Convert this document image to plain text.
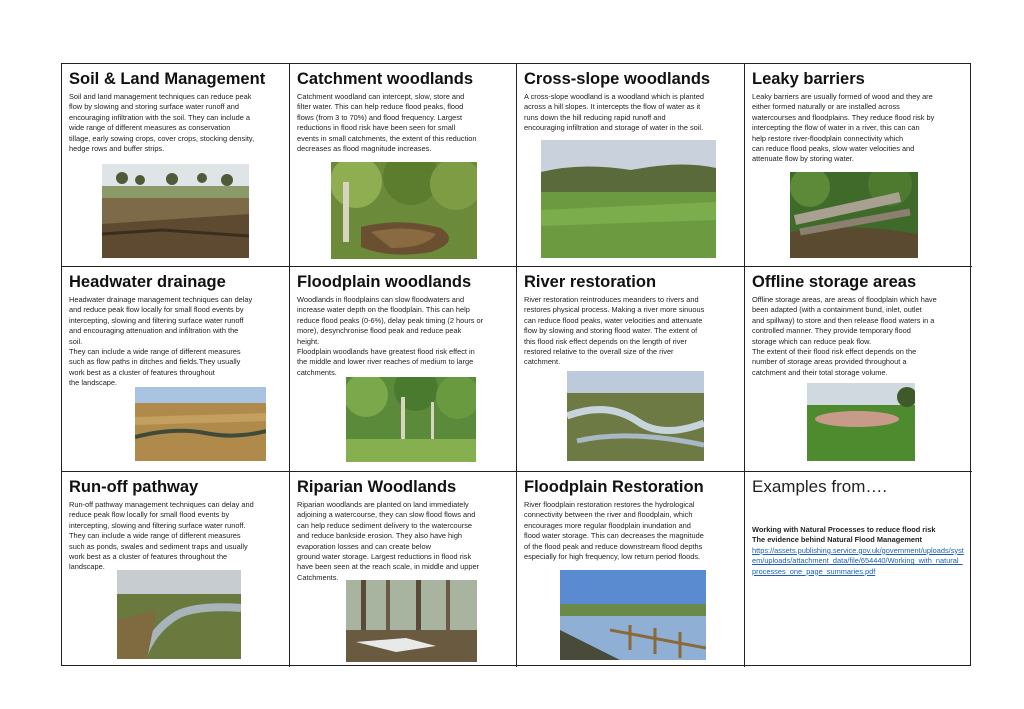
Soil & Land Management
Soil and land management techniques can reduce peak
flow by slowing and storing surface water runoff and
encouraging infiltration with the soil. They can include a
wide range of different measures as conservation
tillage, early sowing crops, cover crops, stocking density,
hedge rows and buffer strips.
Catchment woodlands
Catchment woodland can intercept, slow, store and
filter water. This can help reduce flood peaks, flood
flows (from 3 to 70%) and flood frequency. Largest
reductions in flood risk have been seen for small
events in small catchments, the extent of this reduction
decreases as flood magnitude increases.
Cross-slope woodlands
A cross-slope woodland is a woodland which is planted
across a hill slopes. It intercepts the flow of water as it
runs down the hill reducing rapid runoff and
encouraging infiltration and storage of water in the soil.
Leaky barriers
Leaky barriers are usually formed of wood and they are
either formed naturally or are installed across
watercourses and floodplains. They reduce flood risk by
intercepting the flow of water in a river, this can can
help restore river-floodplain connectivity which
can reduce flood peaks, slow water velocities and
attenuate flow by storing water.
Headwater drainage
Headwater drainage management techniques can delay
and reduce peak flow locally for small flood events by
intercepting, slowing and filtering surface water runoff
and encouraging attenuation and infiltration with the
soil.
They can include a wide range of different measures
such as flow paths in ditches and fields.They usually
work best as a cluster of features throughout
the landscape.
Floodplain woodlands
Woodlands in floodplains can slow floodwaters and
increase water depth on the floodplain. This can help
reduce flood peaks (0-6%), delay peak timing (2 hours or
more), desynchronise flood peak and reduce peak
height.
Floodplain woodlands have greatest flood risk effect in
the middle and lower river reaches of medium to large
catchments.
River restoration
River restoration reintroduces meanders to rivers and
restores physical process. Making a river more sinuous
can reduce flood peaks, water velocities and attenuate
flow by slowing and storing flood water. The extent of
this flood risk effect depends on the length of river
restored relative to the overall size of the river
catchment.
Offline storage areas
Offline storage areas, are areas of floodplain which have
been adapted (with a containment bund, inlet, outlet
and spillway) to store and then release flood waters in a
controlled manner. They provide temporary flood
storage which can reduce peak flow.
The extent of their flood risk effect depends on the
number of storage areas provided throughout a
catchment and their total storage volume.
Run-off pathway
Run-off pathway management techniques can delay and
reduce peak flow locally for small flood events by
intercepting, slowing and filtering surface water runoff.
They can include a wide range of different measures
such as ponds, swales and sediment traps and usually
work best as a cluster of features throughout the
landscape.
Riparian Woodlands
Riparian woodlands are planted on land immediately
adjoining a watercourse, they can slow flood flows and
can help reduce sediment delivery to the watercourse
and reduce bankside erosion. They also have high
evaporation losses and can create below
ground water storage. Largest reductions in flood risk
have been seen at the reach scale, in middle and upper
Catchments.
Floodplain Restoration
River floodplain restoration restores the hydrological
connectivity between the river and floodplain, which
encourages more regular floodplain inundation and
flood water storage. This can decreases the magnitude
of the flood peak and reduce downstream flood depths
especially for high frequency, low return period floods.
Examples from….
Working with Natural Processes to reduce flood risk
The evidence behind Natural Flood Management
https://assets.publishing.service.gov.uk/government/uploads/system/uploads/attachment_data/file/654440/Working_with_natural_processes_one_page_summaries.pdf
